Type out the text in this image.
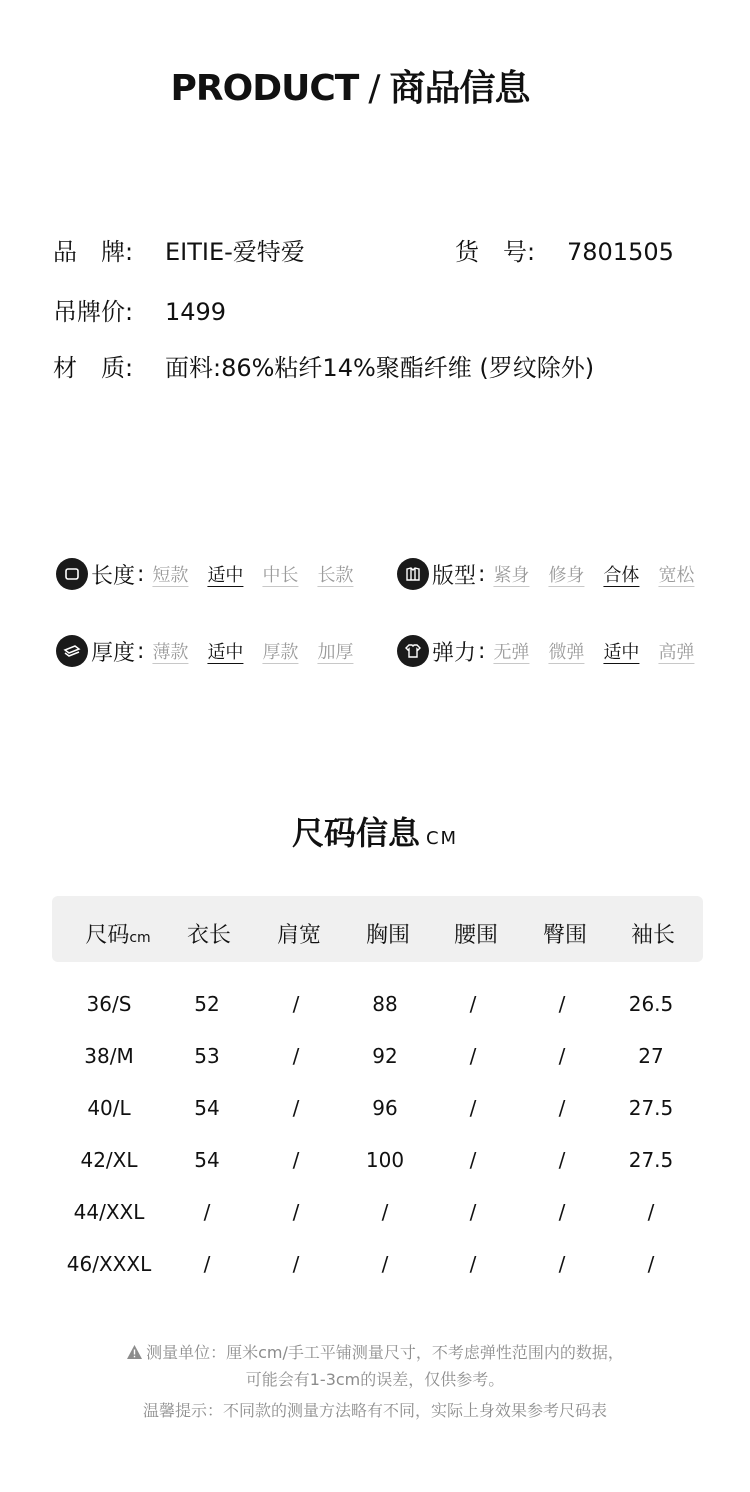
PRODUCT / 商品信息
品　牌: EITIE-爱特爱	货　号: 7801505
吊牌价: 1499
材　质: 面料:86%粘纤14%聚酯纤维 (罗纹除外)
长度 : 短款 适中 中长 长款	版型 : 紧身 修身 合体 宽松
厚度 : 薄款 适中 厚款 加厚	弹力 : 无弹 微弹 适中 高弹
尺码信息 CM
尺码cm	衣长	肩宽	胸围	腰围	臀围	袖长
36/S	52	/	88	/	/	26.5
38/M	53	/	92	/	/	27
40/L	54	/	96	/	/	27.5
42/XL	54	/	100	/	/	27.5
44/XXL	/	/	/	/	/	/
46/XXXL	/	/	/	/	/	/
测量单位：厘米cm/手工平铺测量尺寸，不考虑弹性范围内的数据，
可能会有1-3cm的误差，仅供参考。
温馨提示：不同款的测量方法略有不同，实际上身效果参考尺码表
